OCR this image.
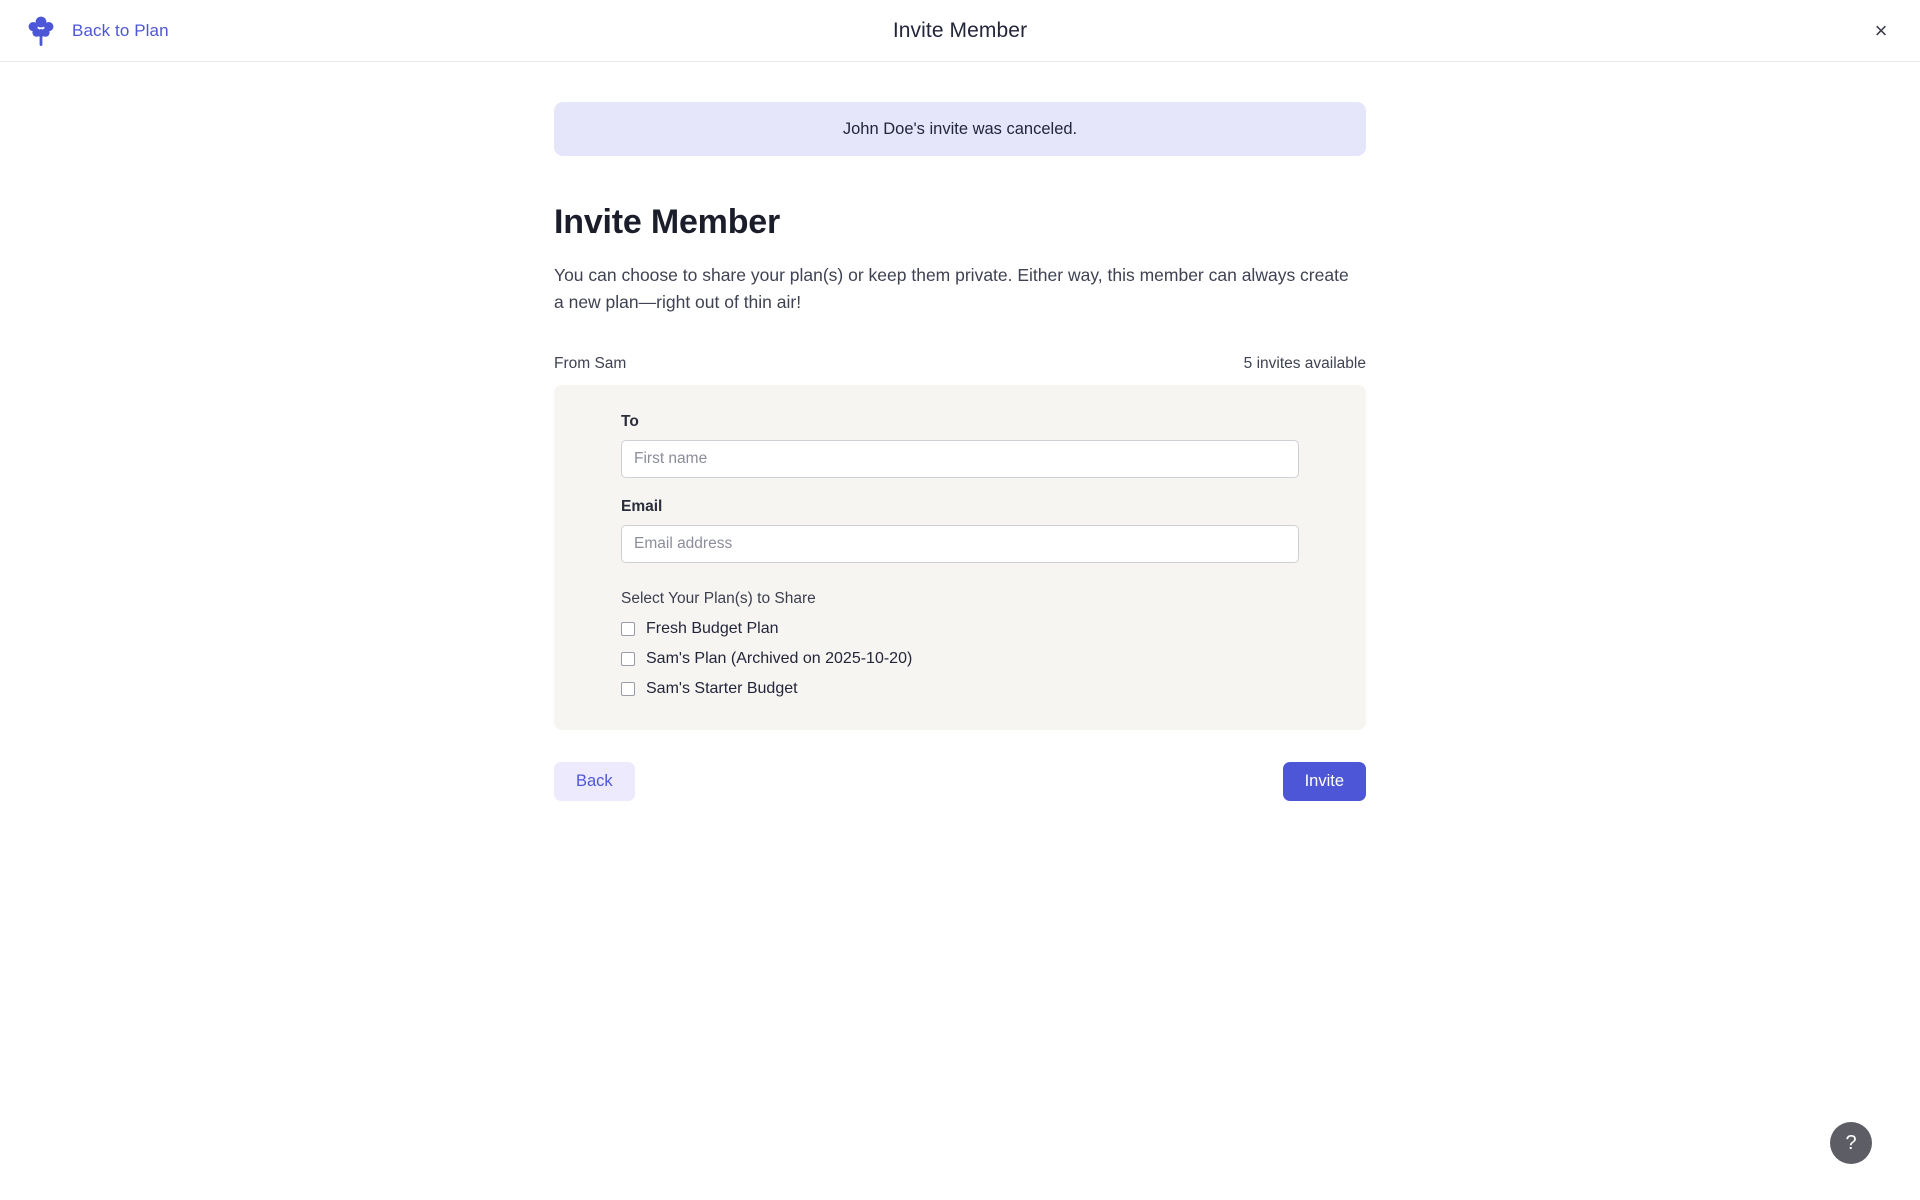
Back to Plan	Invite Member	×
John Doe's invite was canceled.
Invite Member

You can choose to share your plan(s) or keep them private. Either way, this member can always create a new plan—right out of thin air!

From Sam	5 invites available
To
First name
Email
Email address
Select Your Plan(s) to Share
Fresh Budget Plan
Sam's Plan (Archived on 2025-10-20)
Sam's Starter Budget
Back	Invite
?
